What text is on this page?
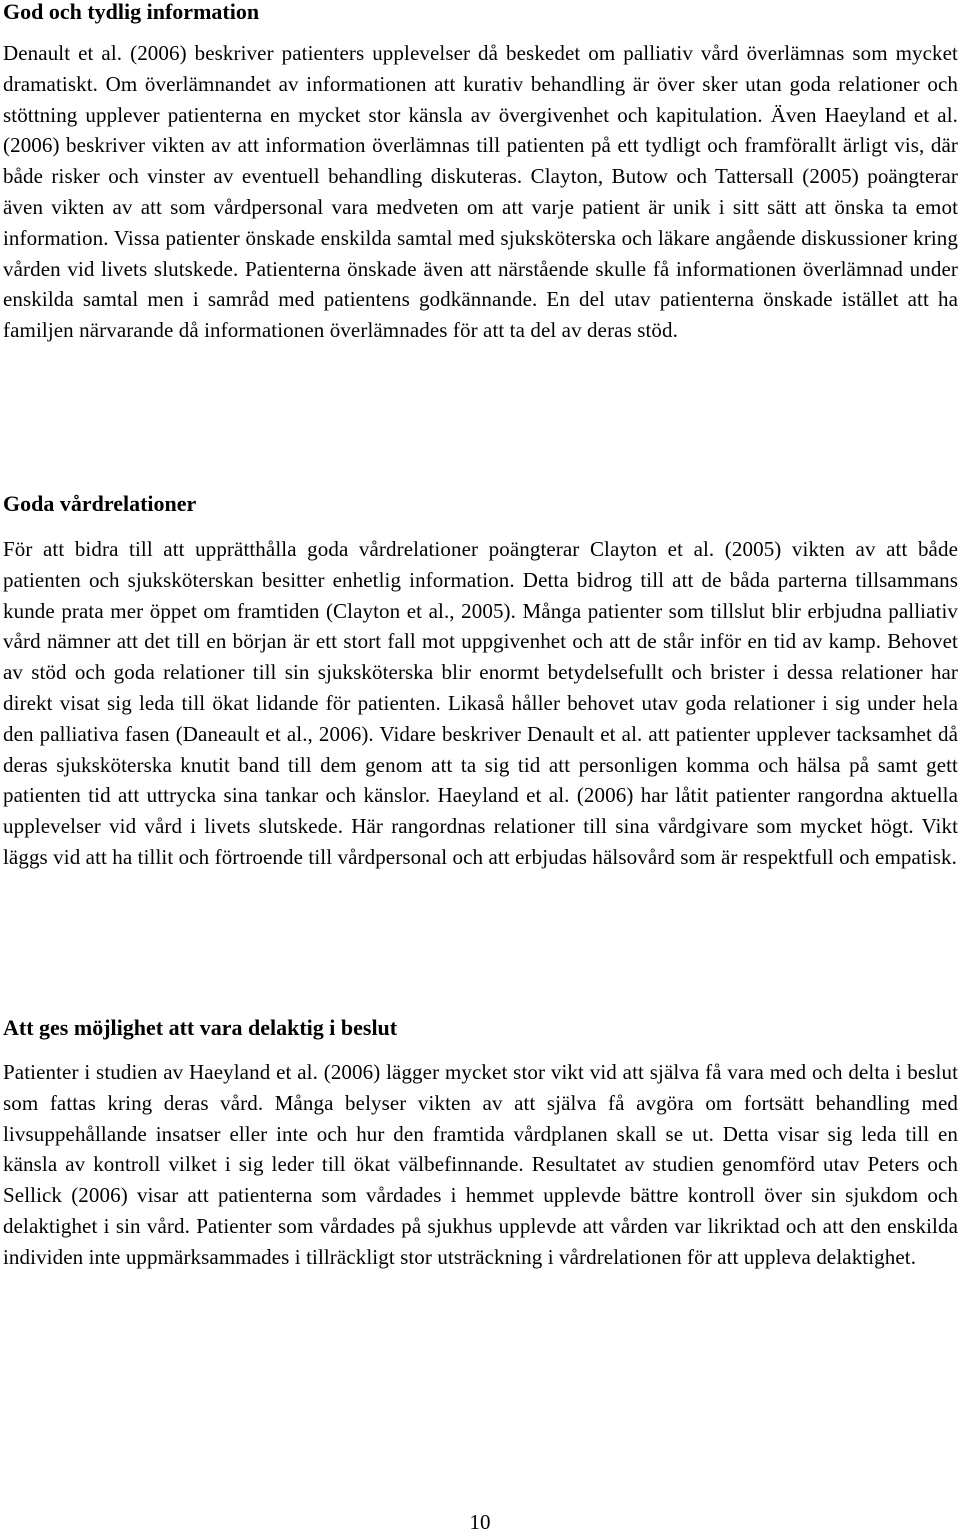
God och tydlig information

Denault et al. (2006) beskriver patienters upplevelser då beskedet om palliativ vård överlämnas som mycket dramatiskt. Om överlämnandet av informationen att kurativ behandling är över sker utan goda relationer och stöttning upplever patienterna en mycket stor känsla av övergivenhet och kapitulation. Även Haeyland et al. (2006) beskriver vikten av att information överlämnas till patienten på ett tydligt och framförallt ärligt vis, där både risker och vinster av eventuell behandling diskuteras. Clayton, Butow och Tattersall (2005) poängterar även vikten av att som vårdpersonal vara medveten om att varje patient är unik i sitt sätt att önska ta emot information. Vissa patienter önskade enskilda samtal med sjuksköterska och läkare angående diskussioner kring vården vid livets slutskede. Patienterna önskade även att närstående skulle få informationen överlämnad under enskilda samtal men i samråd med patientens godkännande. En del utav patienterna önskade istället att ha familjen närvarande då informationen överlämnades för att ta del av deras stöd.

Goda vårdrelationer

För att bidra till att upprätthålla goda vårdrelationer poängterar Clayton et al. (2005) vikten av att både patienten och sjuksköterskan besitter enhetlig information. Detta bidrog till att de båda parterna tillsammans kunde prata mer öppet om framtiden (Clayton et al., 2005). Många patienter som tillslut blir erbjudna palliativ vård nämner att det till en början är ett stort fall mot uppgivenhet och att de står inför en tid av kamp. Behovet av stöd och goda relationer till sin sjuksköterska blir enormt betydelsefullt och brister i dessa relationer har direkt visat sig leda till ökat lidande för patienten. Likaså håller behovet utav goda relationer i sig under hela den palliativa fasen (Daneault et al., 2006). Vidare beskriver Denault et al. att patienter upplever tacksamhet då deras sjuksköterska knutit band till dem genom att ta sig tid att personligen komma och hälsa på samt gett patienten tid att uttrycka sina tankar och känslor. Haeyland et al. (2006) har låtit patienter rangordna aktuella upplevelser vid vård i livets slutskede. Här rangordnas relationer till sina vårdgivare som mycket högt. Vikt läggs vid att ha tillit och förtroende till vårdpersonal och att erbjudas hälsovård som är respektfull och empatisk.

Att ges möjlighet att vara delaktig i beslut

Patienter i studien av Haeyland et al. (2006) lägger mycket stor vikt vid att själva få vara med och delta i beslut som fattas kring deras vård. Många belyser vikten av att själva få avgöra om fortsätt behandling med livsuppehållande insatser eller inte och hur den framtida vårdplanen skall se ut. Detta visar sig leda till en känsla av kontroll vilket i sig leder till ökat välbefinnande. Resultatet av studien genomförd utav Peters och Sellick (2006) visar att patienterna som vårdades i hemmet upplevde bättre kontroll över sin sjukdom och delaktighet i sin vård. Patienter som vårdades på sjukhus upplevde att vården var likriktad och att den enskilda individen inte uppmärksammades i tillräckligt stor utsträckning i vårdrelationen för att uppleva delaktighet.

10
